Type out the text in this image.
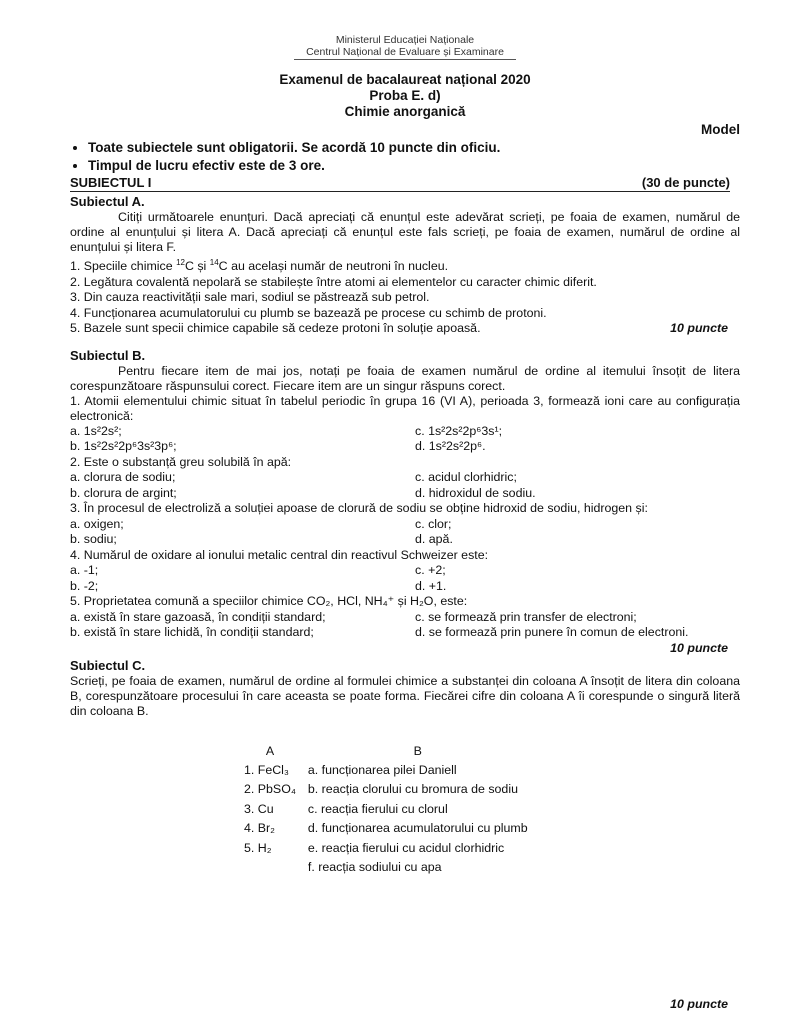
Ministerul Educației Naționale
Centrul Național de Evaluare și Examinare
Examenul de bacalaureat național 2020
Proba E. d)
Chimie anorganică
Model
• Toate subiectele sunt obligatorii. Se acordă 10 puncte din oficiu.
• Timpul de lucru efectiv este de 3 ore.
SUBIECTUL I	(30 de puncte)
Subiectul A.

Citiți următoarele enunțuri. Dacă apreciați că enunțul este adevărat scrieți, pe foaia de examen, numărul de ordine al enunțului și litera A. Dacă apreciați că enunțul este fals scrieți, pe foaia de examen, numărul de ordine al enunțului și litera F.

1. Speciile chimice $^{12}$C și $^{14}$C au același număr de neutroni în nucleu.
2. Legătura covalentă nepolară se stabilește între atomi ai elementelor cu caracter chimic diferit.
3. Din cauza reactivității sale mari, sodiul se păstrează sub petrol.
4. Funcționarea acumulatorului cu plumb se bazează pe procese cu schimb de protoni.
5. Bazele sunt specii chimice capabile să cedeze protoni în soluție apoasă.	10 puncte
Subiectul B.

Pentru fiecare item de mai jos, notați pe foaia de examen numărul de ordine al itemului însoțit de litera corespunzătoare răspunsului corect. Fiecare item are un singur răspuns corect.

1. Atomii elementului chimic situat în tabelul periodic în grupa 16 (VI A), perioada 3, formează ioni care au configurația electronică:

a. 1s²2s²;	c. 1s²2s²2p⁶3s¹;
b. 1s²2s²2p⁶3s²3p⁶;	d. 1s²2s²2p⁶.
2. Este o substanță greu solubilă în apă:
a. clorura de sodiu;	c. acidul clorhidric;
b. clorura de argint;	d. hidroxidul de sodiu.
3. În procesul de electroliză a soluției apoase de clorură de sodiu se obține hidroxid de sodiu, hidrogen și:
a. oxigen;	c. clor;
b. sodiu;	d. apă.
4. Numărul de oxidare al ionului metalic central din reactivul Schweizer este:
a. -1;	c. +2;
b. -2;	d. +1.
5. Proprietatea comună a speciilor chimice CO₂, HCl, NH₄⁺ și H₂O, este:
a. există în stare gazoasă, în condiții standard;	c. se formează prin transfer de electroni;
b. există în stare lichidă, în condiții standard;	d. se formează prin punere în comun de electroni.
10 puncte
Subiectul C.

Scrieți, pe foaia de examen, numărul de ordine al formulei chimice a substanței din coloana A însoțit de litera din coloana B, corespunzătoare procesului în care aceasta se poate forma. Fiecărei cifre din coloana A îi corespunde o singură literă din coloana B.

A	B
1. FeCl₃	a. funcționarea pilei Daniell
2. PbSO₄	b. reacția clorului cu bromura de sodiu
3. Cu	c. reacția fierului cu clorul
4. Br₂	d. funcționarea acumulatorului cu plumb
5. H₂	e. reacția fierului cu acidul clorhidric
	f. reacția sodiului cu apa
10 puncte
